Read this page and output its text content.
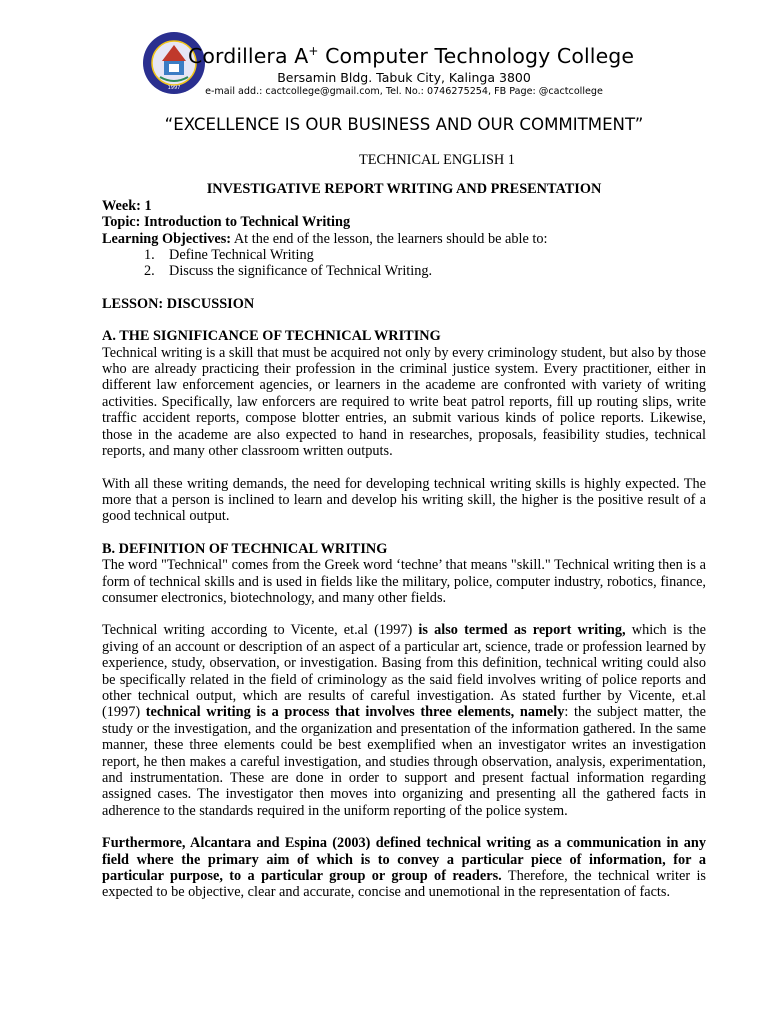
1997
Cordillera A+ Computer Technology College
Bersamin Bldg. Tabuk City, Kalinga 3800
e-mail add.: cactcollege@gmail.com, Tel. No.: 0746275254, FB Page: @cactcollege
“EXCELLENCE IS OUR BUSINESS AND OUR COMMITMENT”
TECHNICAL ENGLISH 1
INVESTIGATIVE REPORT WRITING AND PRESENTATION
Week: 1
Topic: Introduction to Technical Writing
Learning Objectives: At the end of the lesson, the learners should be able to:
1. Define Technical Writing
2. Discuss the significance of Technical Writing.
LESSON: DISCUSSION
A. THE SIGNIFICANCE OF TECHNICAL WRITING

Technical writing is a skill that must be acquired not only by every criminology student, but also by those who are already practicing their profession in the criminal justice system. Every practitioner, either in different law enforcement agencies, or learners in the academe are confronted with variety of writing activities. Specifically, law enforcers are required to write beat patrol reports, fill up routing slips, write traffic accident reports, compose blotter entries, an submit various kinds of police reports. Likewise, those in the academe are also expected to hand in researches, proposals, feasibility studies, technical reports, and many other classroom written outputs.

With all these writing demands, the need for developing technical writing skills is highly expected. The more that a person is inclined to learn and develop his writing skill, the higher is the positive result of a good technical output.

B. DEFINITION OF TECHNICAL WRITING

The word "Technical" comes from the Greek word ‘techne’ that means "skill." Technical writing then is a form of technical skills and is used in fields like the military, police, computer industry, robotics, finance, consumer electronics, biotechnology, and many other fields.

Technical writing according to Vicente, et.al (1997) is also termed as report writing, which is the giving of an account or description of an aspect of a particular art, science, trade or profession learned by experience, study, observation, or investigation. Basing from this definition, technical writing could also be specifically related in the field of criminology as the said field involves writing of police reports and other technical output, which are results of careful investigation. As stated further by Vicente, et.al (1997) technical writing is a process that involves three elements, namely: the subject matter, the study or the investigation, and the organization and presentation of the information gathered. In the same manner, these three elements could be best exemplified when an investigator writes an investigation report, he then makes a careful investigation, and studies through observation, analysis, experimentation, and instrumentation. These are done in order to support and present factual information regarding assigned cases. The investigator then moves into organizing and presenting all the gathered facts in adherence to the standards required in the uniform reporting of the police system.

Furthermore, Alcantara and Espina (2003) defined technical writing as a communication in any field where the primary aim of which is to convey a particular piece of information, for a particular purpose, to a particular group or group of readers. Therefore, the technical writer is expected to be objective, clear and accurate, concise and unemotional in the representation of facts.
